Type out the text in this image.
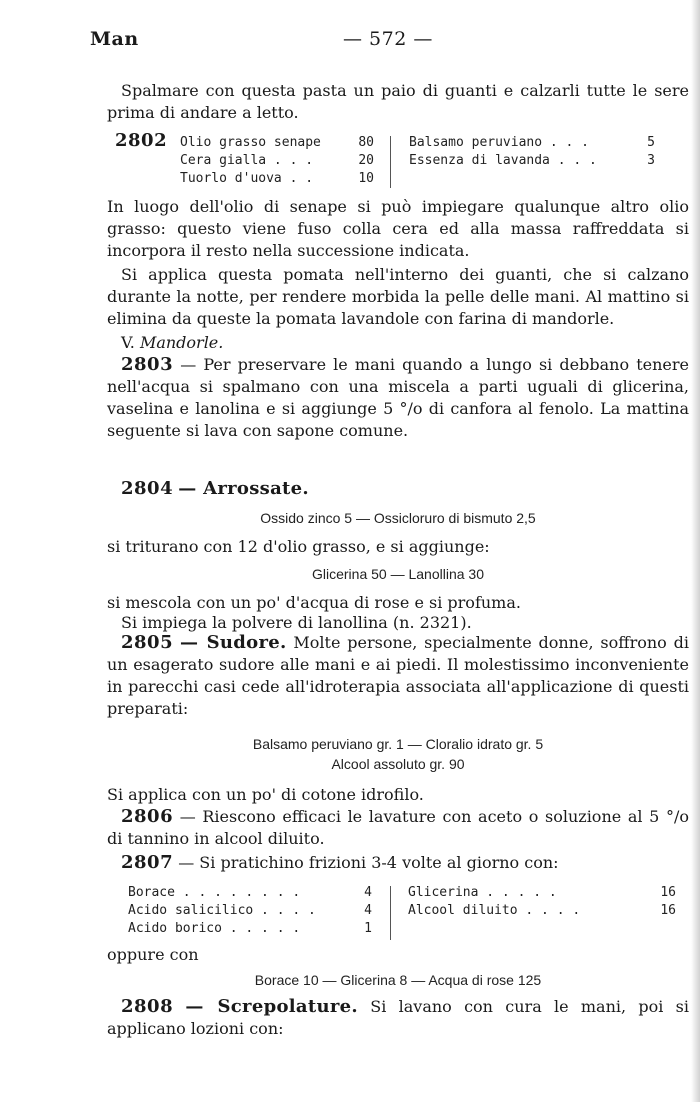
Man	— 572 —

Spalmare con questa pasta un paio di guanti e calzarli tutte le sere prima di andare a letto.

2802 Olio grasso senape	80
Cera gialla . . .	20
Tuorlo d'uova . .	10
Balsamo peruviano . . .	5
Essenza di lavanda . . .	3

In luogo dell'olio di senape si può impiegare qualunque altro olio grasso: questo viene fuso colla cera ed alla massa raffreddata si incorpora il resto nella successione indicata.

Si applica questa pomata nell'interno dei guanti, che si calzano durante la notte, per rendere morbida la pelle delle mani. Al mattino si elimina da queste la pomata lavandole con farina di mandorle.

V. Mandorle.

2803 — Per preservare le mani quando a lungo si debbano tenere nell'acqua si spalmano con una miscela a parti uguali di glicerina, vaselina e lanolina e si aggiunge 5 °/o di canfora al fenolo. La mattina seguente si lava con sapone comune.

2804 — Arrossate.

Ossido zinco 5 — Ossicloruro di bismuto 2,5

si triturano con 12 d'olio grasso, e si aggiunge:

Glicerina 50 — Lanollina 30

si mescola con un po' d'acqua di rose e si profuma.

Si impiega la polvere di lanollina (n. 2321).

2805 — Sudore. Molte persone, specialmente donne, soffrono di un esagerato sudore alle mani e ai piedi. Il molestissimo inconveniente in parecchi casi cede all'idroterapia associata all'applicazione di questi preparati:

Balsamo peruviano gr. 1 — Cloralio idrato gr. 5
Alcool assoluto gr. 90

Si applica con un po' di cotone idrofilo.

2806 — Riescono efficaci le lavature con aceto o soluzione al 5 °/o di tannino in alcool diluito.

2807 — Si pratichino frizioni 3-4 volte al giorno con:

Borace . . . . . . . .	4
Acido salicilico . . . .	4
Acido borico . . . . .	1
Glicerina . . . . .	16
Alcool diluito . . . .	16

oppure con

Borace 10 — Glicerina 8 — Acqua di rose 125

2808 — Screpolature. Si lavano con cura le mani, poi si applicano lozioni con:
